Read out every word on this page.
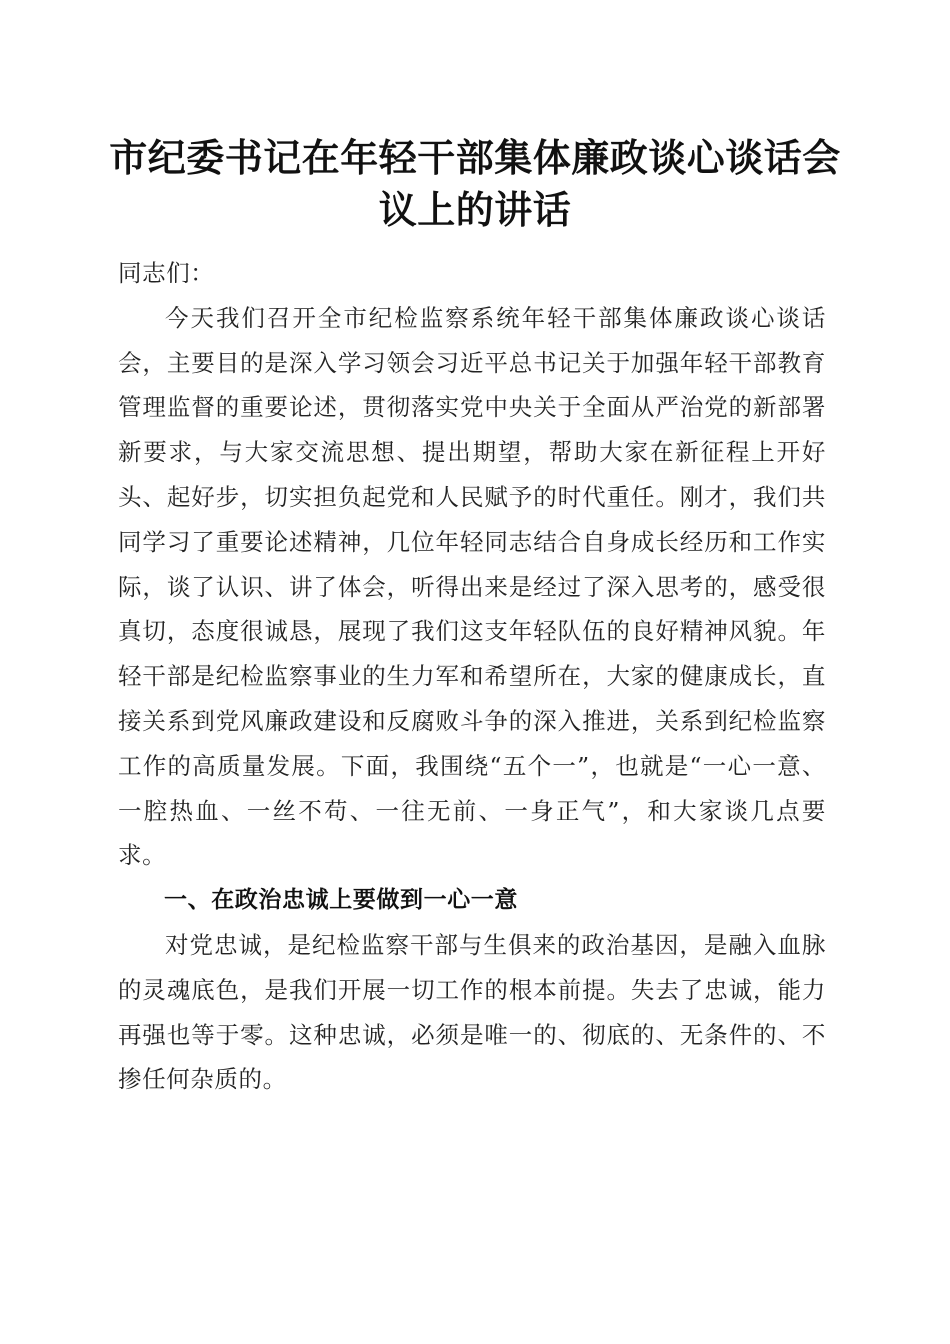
市纪委书记在年轻干部集体廉政谈心谈话会议上的讲话

同志们：

今天我们召开全市纪检监察系统年轻干部集体廉政谈心谈话会，主要目的是深入学习领会习近平总书记关于加强年轻干部教育管理监督的重要论述，贯彻落实党中央关于全面从严治党的新部署新要求，与大家交流思想、提出期望，帮助大家在新征程上开好头、起好步，切实担负起党和人民赋予的时代重任。刚才，我们共同学习了重要论述精神，几位年轻同志结合自身成长经历和工作实际，谈了认识、讲了体会，听得出来是经过了深入思考的，感受很真切，态度很诚恳，展现了我们这支年轻队伍的良好精神风貌。年轻干部是纪检监察事业的生力军和希望所在，大家的健康成长，直接关系到党风廉政建设和反腐败斗争的深入推进，关系到纪检监察工作的高质量发展。下面，我围绕“五个一”，也就是“一心一意、一腔热血、一丝不苟、一往无前、一身正气”，和大家谈几点要求。

一、在政治忠诚上要做到一心一意

对党忠诚，是纪检监察干部与生俱来的政治基因，是融入血脉的灵魂底色，是我们开展一切工作的根本前提。失去了忠诚，能力再强也等于零。这种忠诚，必须是唯一的、彻底的、无条件的、不掺任何杂质的。
